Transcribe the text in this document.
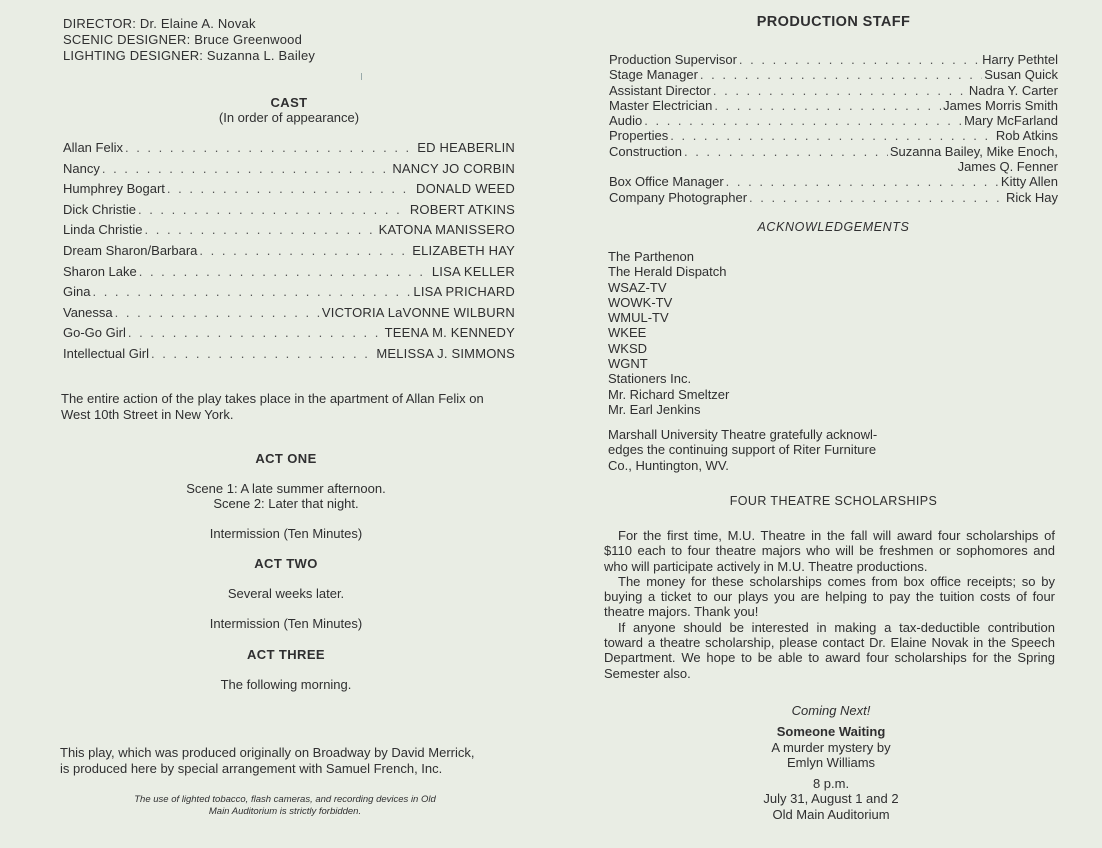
DIRECTOR: Dr. Elaine A. Novak
SCENIC DESIGNER: Bruce Greenwood
LIGHTING DESIGNER: Suzanna L. Bailey
CAST
(In order of appearance)
Allan Felix . . .	ED HEABERLIN
Nancy . . .	NANCY JO CORBIN
Humphrey Bogart . . .	DONALD WEED
Dick Christie . . .	ROBERT ATKINS
Linda Christie . . .	KATONA MANISSERO
Dream Sharon/Barbara . . .	ELIZABETH HAY
Sharon Lake . . .	LISA KELLER
Gina . . .	LISA PRICHARD
Vanessa . . .	VICTORIA LaVONNE WILBURN
Go-Go Girl . . .	TEENA M. KENNEDY
Intellectual Girl . . .	MELISSA J. SIMMONS
The entire action of the play takes place in the apartment of Allan Felix on West 10th Street in New York.
ACT ONE
Scene 1: A late summer afternoon.
Scene 2: Later that night.
Intermission (Ten Minutes)
ACT TWO
Several weeks later.
Intermission (Ten Minutes)
ACT THREE
The following morning.
This play, which was produced originally on Broadway by David Merrick,
is produced here by special arrangement with Samuel French, Inc.
The use of lighted tobacco, flash cameras, and recording devices in Old
Main Auditorium is strictly forbidden.
PRODUCTION STAFF
Production Supervisor . . .	Harry Pethtel
Stage Manager . . .	Susan Quick
Assistant Director . . .	Nadra Y. Carter
Master Electrician . . .	James Morris Smith
Audio . . .	Mary McFarland
Properties . . .	Rob Atkins
Construction . . .	Suzanna Bailey, Mike Enoch,
James Q. Fenner
Box Office Manager . . .	Kitty Allen
Company Photographer . . .	Rick Hay
ACKNOWLEDGEMENTS
The Parthenon
The Herald Dispatch
WSAZ-TV
WOWK-TV
WMUL-TV
WKEE
WKSD
WGNT
Stationers Inc.
Mr. Richard Smeltzer
Mr. Earl Jenkins
Marshall University Theatre gratefully acknowl-
edges the continuing support of Riter Furniture
Co., Huntington, WV.
FOUR THEATRE SCHOLARSHIPS
For the first time, M.U. Theatre in the fall will award four scholarships of $110 each to four theatre majors who will be freshmen or sophomores and who will participate actively in M.U. Theatre productions.
The money for these scholarships comes from box office receipts; so by buying a ticket to our plays you are helping to pay the tuition costs of four theatre majors. Thank you!
If anyone should be interested in making a tax-deductible contribution toward a theatre scholarship, please contact Dr. Elaine Novak in the Speech Department. We hope to be able to award four scholarships for the Spring Semester also.
Coming Next!
Someone Waiting
A murder mystery by
Emlyn Williams
8 p.m.
July 31, August 1 and 2
Old Main Auditorium
